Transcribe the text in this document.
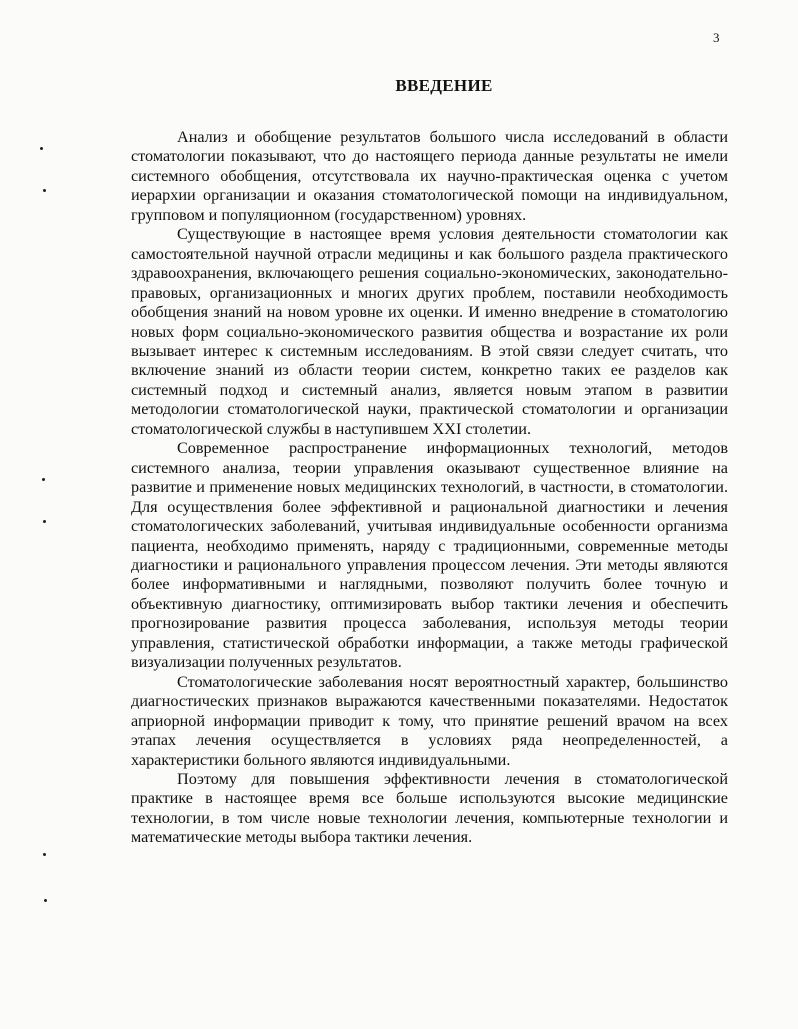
3
ВВЕДЕНИЕ

Анализ и обобщение результатов большого числа исследований в области стоматологии показывают, что до настоящего периода данные результаты не имели системного обобщения, отсутствовала их научно-практическая оценка с учетом иерархии организации и оказания стоматологической помощи на индивидуальном, групповом и популяционном (государственном) уровнях.

Существующие в настоящее время условия деятельности стоматологии как самостоятельной научной отрасли медицины и как большого раздела практического здравоохранения, включающего решения социально-экономических, законодательно-правовых, организационных и многих других проблем, поставили необходимость обобщения знаний на новом уровне их оценки. И именно внедрение в стоматологию новых форм социально-экономического развития общества и возрастание их роли вызывает интерес к системным исследованиям. В этой связи следует считать, что включение знаний из области теории систем, конкретно таких ее разделов как системный подход и системный анализ, является новым этапом в развитии методологии стоматологической науки, практической стоматологии и организации стоматологической службы в наступившем XXI столетии.

Современное распространение информационных технологий, методов системного анализа, теории управления оказывают существенное влияние на развитие и применение новых медицинских технологий, в частности, в стоматологии. Для осуществления более эффективной и рациональной диагностики и лечения стоматологических заболеваний, учитывая индивидуальные особенности организма пациента, необходимо применять, наряду с традиционными, современные методы диагностики и рационального управления процессом лечения. Эти методы являются более информативными и наглядными, позволяют получить более точную и объективную диагностику, оптимизировать выбор тактики лечения и обеспечить прогнозирование развития процесса заболевания, используя методы теории управления, статистической обработки информации, а также методы графической визуализации полученных результатов.

Стоматологические заболевания носят вероятностный характер, большинство диагностических признаков выражаются качественными показателями. Недостаток априорной информации приводит к тому, что принятие решений врачом на всех этапах лечения осуществляется в условиях ряда неопределенностей, а характеристики больного являются индивидуальными.

Поэтому для повышения эффективности лечения в стоматологической практике в настоящее время все больше используются высокие медицинские технологии, в том числе новые технологии лечения, компьютерные технологии и математические методы выбора тактики лечения.
